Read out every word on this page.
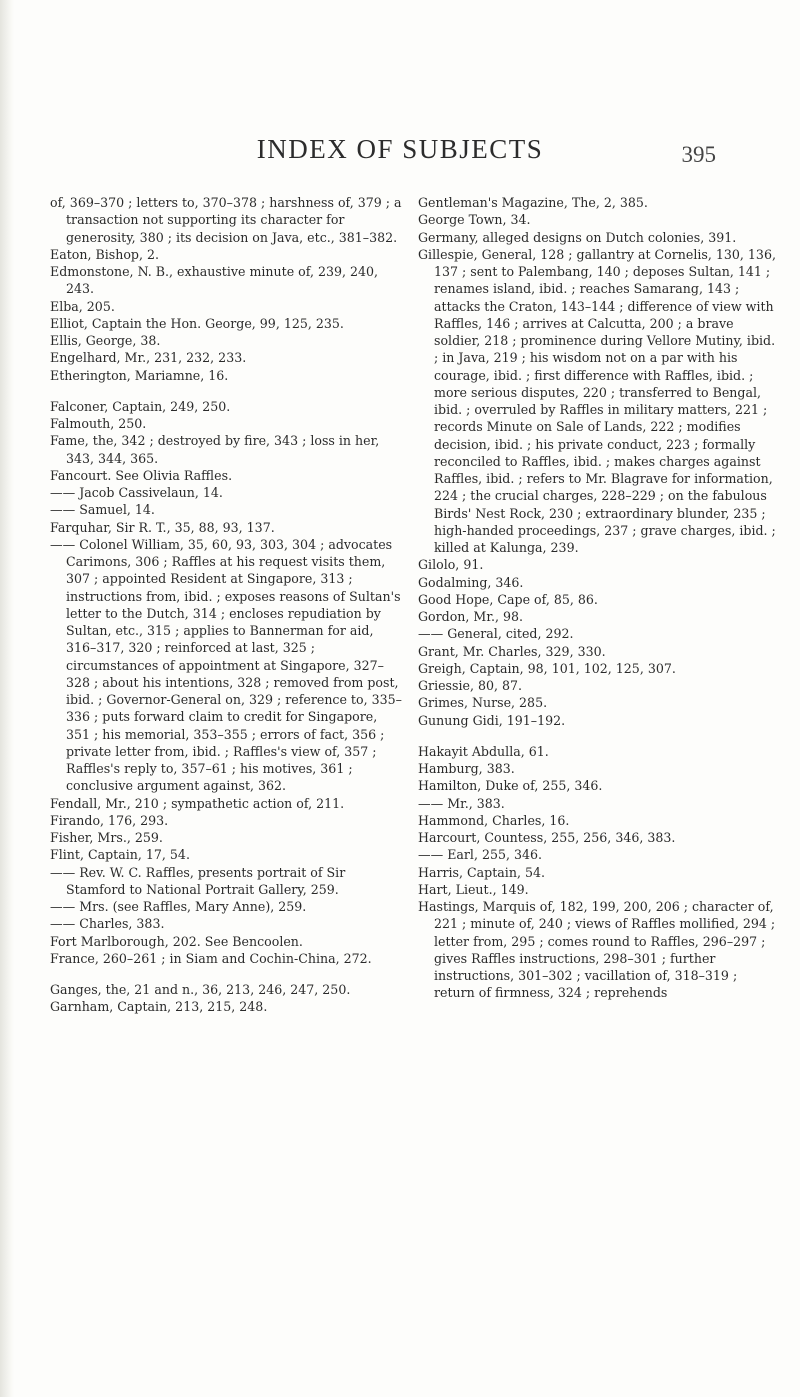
INDEX OF SUBJECTS	395

of, 369–370 ; letters to, 370–378 ; harshness of, 379 ; a transaction not supporting its character for generosity, 380 ; its decision on Java, etc., 381–382.

Eaton, Bishop, 2.

Edmonstone, N. B., exhaustive minute of, 239, 240, 243.

Elba, 205.

Elliot, Captain the Hon. George, 99, 125, 235.

Ellis, George, 38.

Engelhard, Mr., 231, 232, 233.

Etherington, Mariamne, 16.

Falconer, Captain, 249, 250.

Falmouth, 250.

Fame, the, 342 ; destroyed by fire, 343 ; loss in her, 343, 344, 365.

Fancourt. See Olivia Raffles.

—— Jacob Cassivelaun, 14.

—— Samuel, 14.

Farquhar, Sir R. T., 35, 88, 93, 137.

—— Colonel William, 35, 60, 93, 303, 304 ; advocates Carimons, 306 ; Raffles at his request visits them, 307 ; appointed Resident at Singapore, 313 ; instructions from, ibid. ; exposes reasons of Sultan's letter to the Dutch, 314 ; encloses repudiation by Sultan, etc., 315 ; applies to Bannerman for aid, 316–317, 320 ; reinforced at last, 325 ; circumstances of appointment at Singapore, 327–328 ; about his intentions, 328 ; removed from post, ibid. ; Governor-General on, 329 ; reference to, 335–336 ; puts forward claim to credit for Singapore, 351 ; his memorial, 353–355 ; errors of fact, 356 ; private letter from, ibid. ; Raffles's view of, 357 ; Raffles's reply to, 357–61 ; his motives, 361 ; conclusive argument against, 362.

Fendall, Mr., 210 ; sympathetic action of, 211.

Firando, 176, 293.

Fisher, Mrs., 259.

Flint, Captain, 17, 54.

—— Rev. W. C. Raffles, presents portrait of Sir Stamford to National Portrait Gallery, 259.

—— Mrs. (see Raffles, Mary Anne), 259.

—— Charles, 383.

Fort Marlborough, 202. See Bencoolen.

France, 260–261 ; in Siam and Cochin-China, 272.

Ganges, the, 21 and n., 36, 213, 246, 247, 250.

Garnham, Captain, 213, 215, 248.

Gentleman's Magazine, The, 2, 385.

George Town, 34.

Germany, alleged designs on Dutch colonies, 391.

Gillespie, General, 128 ; gallantry at Cornelis, 130, 136, 137 ; sent to Palembang, 140 ; deposes Sultan, 141 ; renames island, ibid. ; reaches Samarang, 143 ; attacks the Craton, 143–144 ; difference of view with Raffles, 146 ; arrives at Calcutta, 200 ; a brave soldier, 218 ; prominence during Vellore Mutiny, ibid. ; in Java, 219 ; his wisdom not on a par with his courage, ibid. ; first difference with Raffles, ibid. ; more serious disputes, 220 ; transferred to Bengal, ibid. ; overruled by Raffles in military matters, 221 ; records Minute on Sale of Lands, 222 ; modifies decision, ibid. ; his private conduct, 223 ; formally reconciled to Raffles, ibid. ; makes charges against Raffles, ibid. ; refers to Mr. Blagrave for information, 224 ; the crucial charges, 228–229 ; on the fabulous Birds' Nest Rock, 230 ; extraordinary blunder, 235 ; high-handed proceedings, 237 ; grave charges, ibid. ; killed at Kalunga, 239.

Gilolo, 91.

Godalming, 346.

Good Hope, Cape of, 85, 86.

Gordon, Mr., 98.

—— General, cited, 292.

Grant, Mr. Charles, 329, 330.

Greigh, Captain, 98, 101, 102, 125, 307.

Griessie, 80, 87.

Grimes, Nurse, 285.

Gunung Gidi, 191–192.

Hakayit Abdulla, 61.

Hamburg, 383.

Hamilton, Duke of, 255, 346.

—— Mr., 383.

Hammond, Charles, 16.

Harcourt, Countess, 255, 256, 346, 383.

—— Earl, 255, 346.

Harris, Captain, 54.

Hart, Lieut., 149.

Hastings, Marquis of, 182, 199, 200, 206 ; character of, 221 ; minute of, 240 ; views of Raffles mollified, 294 ; letter from, 295 ; comes round to Raffles, 296–297 ; gives Raffles instructions, 298–301 ; further instructions, 301–302 ; vacillation of, 318–319 ; return of firmness, 324 ; reprehends
